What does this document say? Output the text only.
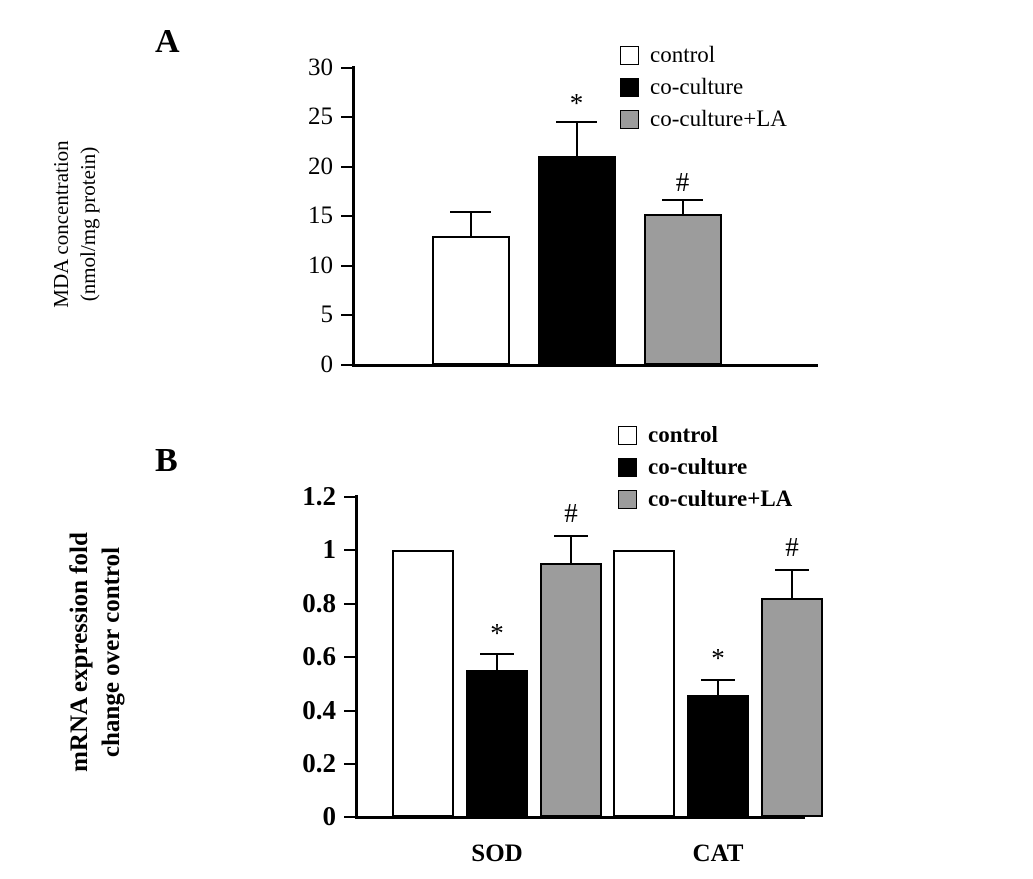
A	control
co-culture
co-culture+LA
MDA concentration (nmol/mg protein)
30
25
20
15
10
5
0
*
#
B
control
co-culture
co-culture+LA
mRNA expression fold change over control
1.2
1
0.8
0.6
0.4
0.2
0
*
#
SOD
*
#
CAT
